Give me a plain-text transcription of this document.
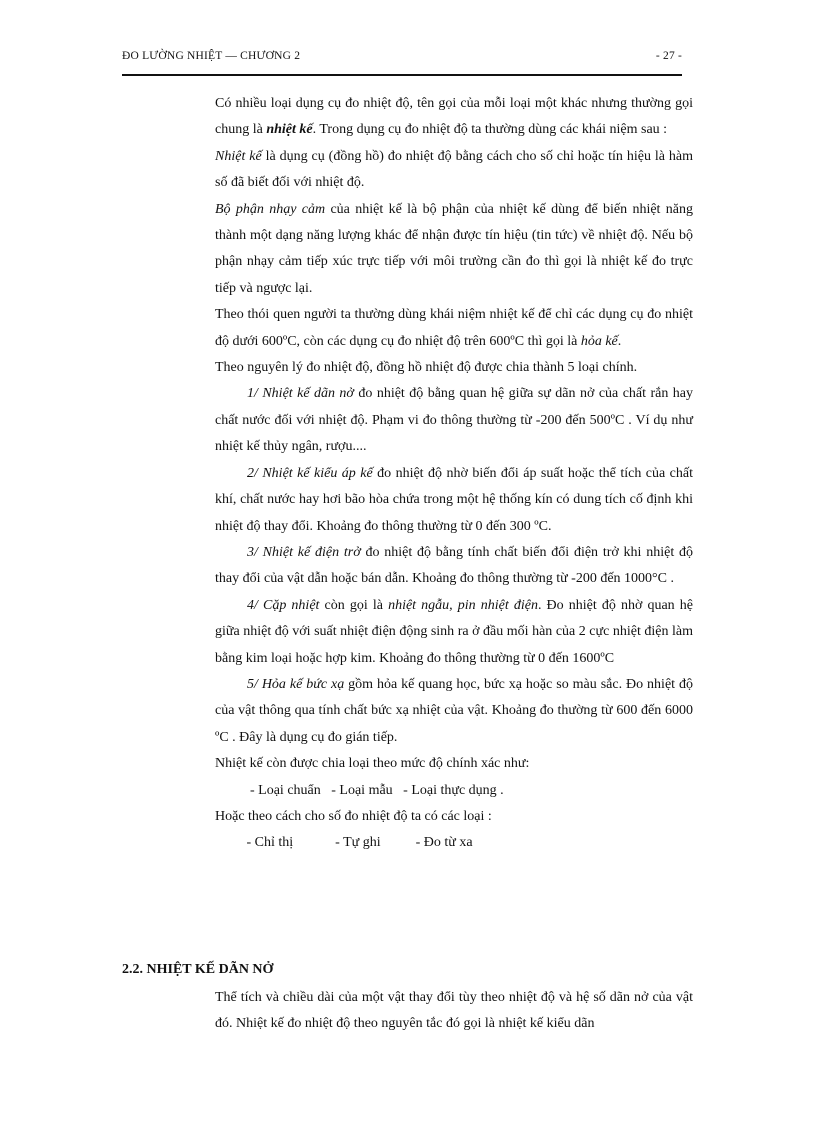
ĐO LƯỜNG NHIỆT — CHƯƠNG 2	- 27 -

Có nhiều loại dụng cụ đo nhiệt độ, tên gọi của mỗi loại một khác nhưng thường gọi chung là nhiệt kế. Trong dụng cụ đo nhiệt độ ta thường dùng các khái niệm sau :

Nhiệt kế là dụng cụ (đồng hồ) đo nhiệt độ bằng cách cho số chỉ hoặc tín hiệu là hàm số đã biết đối với nhiệt độ.

Bộ phận nhạy cảm của nhiệt kế là bộ phận của nhiệt kế dùng để biến nhiệt năng thành một dạng năng lượng khác để nhận được tín hiệu (tin tức) về nhiệt độ. Nếu bộ phận nhạy cảm tiếp xúc trực tiếp với môi trường cần đo thì gọi là nhiệt kế đo trực tiếp và ngược lại.

Theo thói quen người ta thường dùng khái niệm nhiệt kế để chỉ các dụng cụ đo nhiệt độ dưới 600ºC, còn các dụng cụ đo nhiệt độ trên 600ºC thì gọi là hỏa kế.

Theo nguyên lý đo nhiệt độ, đồng hồ nhiệt độ được chia thành 5 loại chính.

1/ Nhiệt kế dãn nở đo nhiệt độ bằng quan hệ giữa sự dãn nở của chất rắn hay chất nước đối với nhiệt độ. Phạm vi đo thông thường từ -200 đến 500ºC . Ví dụ như nhiệt kế thủy ngân, rượu....

2/ Nhiệt kế kiểu áp kế đo nhiệt độ nhờ biến đổi áp suất hoặc thể tích của chất khí, chất nước hay hơi bão hòa chứa trong một hệ thống kín có dung tích cố định khi nhiệt độ thay đổi. Khoảng đo thông thường từ 0 đến 300 ºC.

3/ Nhiệt kế điện trở đo nhiệt độ bằng tính chất biến đổi điện trở khi nhiệt độ thay đổi của vật dẫn hoặc bán dẫn. Khoảng đo thông thường từ -200 đến 1000°C .

4/ Cặp nhiệt còn gọi là nhiệt ngẫu, pin nhiệt điện. Đo nhiệt độ nhờ quan hệ giữa nhiệt độ với suất nhiệt điện động sinh ra ở đầu mối hàn của 2 cực nhiệt điện làm bằng kim loại hoặc hợp kim. Khoảng đo thông thường từ 0 đến 1600ºC

5/ Hỏa kế bức xạ gồm hỏa kế quang học, bức xạ hoặc so màu sắc. Đo nhiệt độ của vật thông qua tính chất bức xạ nhiệt của vật. Khoảng đo thường từ 600 đến 6000 ºC . Đây là dụng cụ đo gián tiếp.

Nhiệt kế còn được chia loại theo mức độ chính xác như:

- Loại chuẩn   - Loại mẫu   - Loại thực dụng .

Hoặc theo cách cho số đo nhiệt độ ta có các loại :

- Chỉ thị            - Tự ghi          - Đo từ xa

2.2. NHIỆT KẾ DÃN NỞ

Thể tích và chiều dài của một vật thay đổi tùy theo nhiệt độ và hệ số dãn nở của vật đó. Nhiệt kế đo nhiệt độ theo nguyên tắc đó gọi là nhiệt kế kiểu dãn
